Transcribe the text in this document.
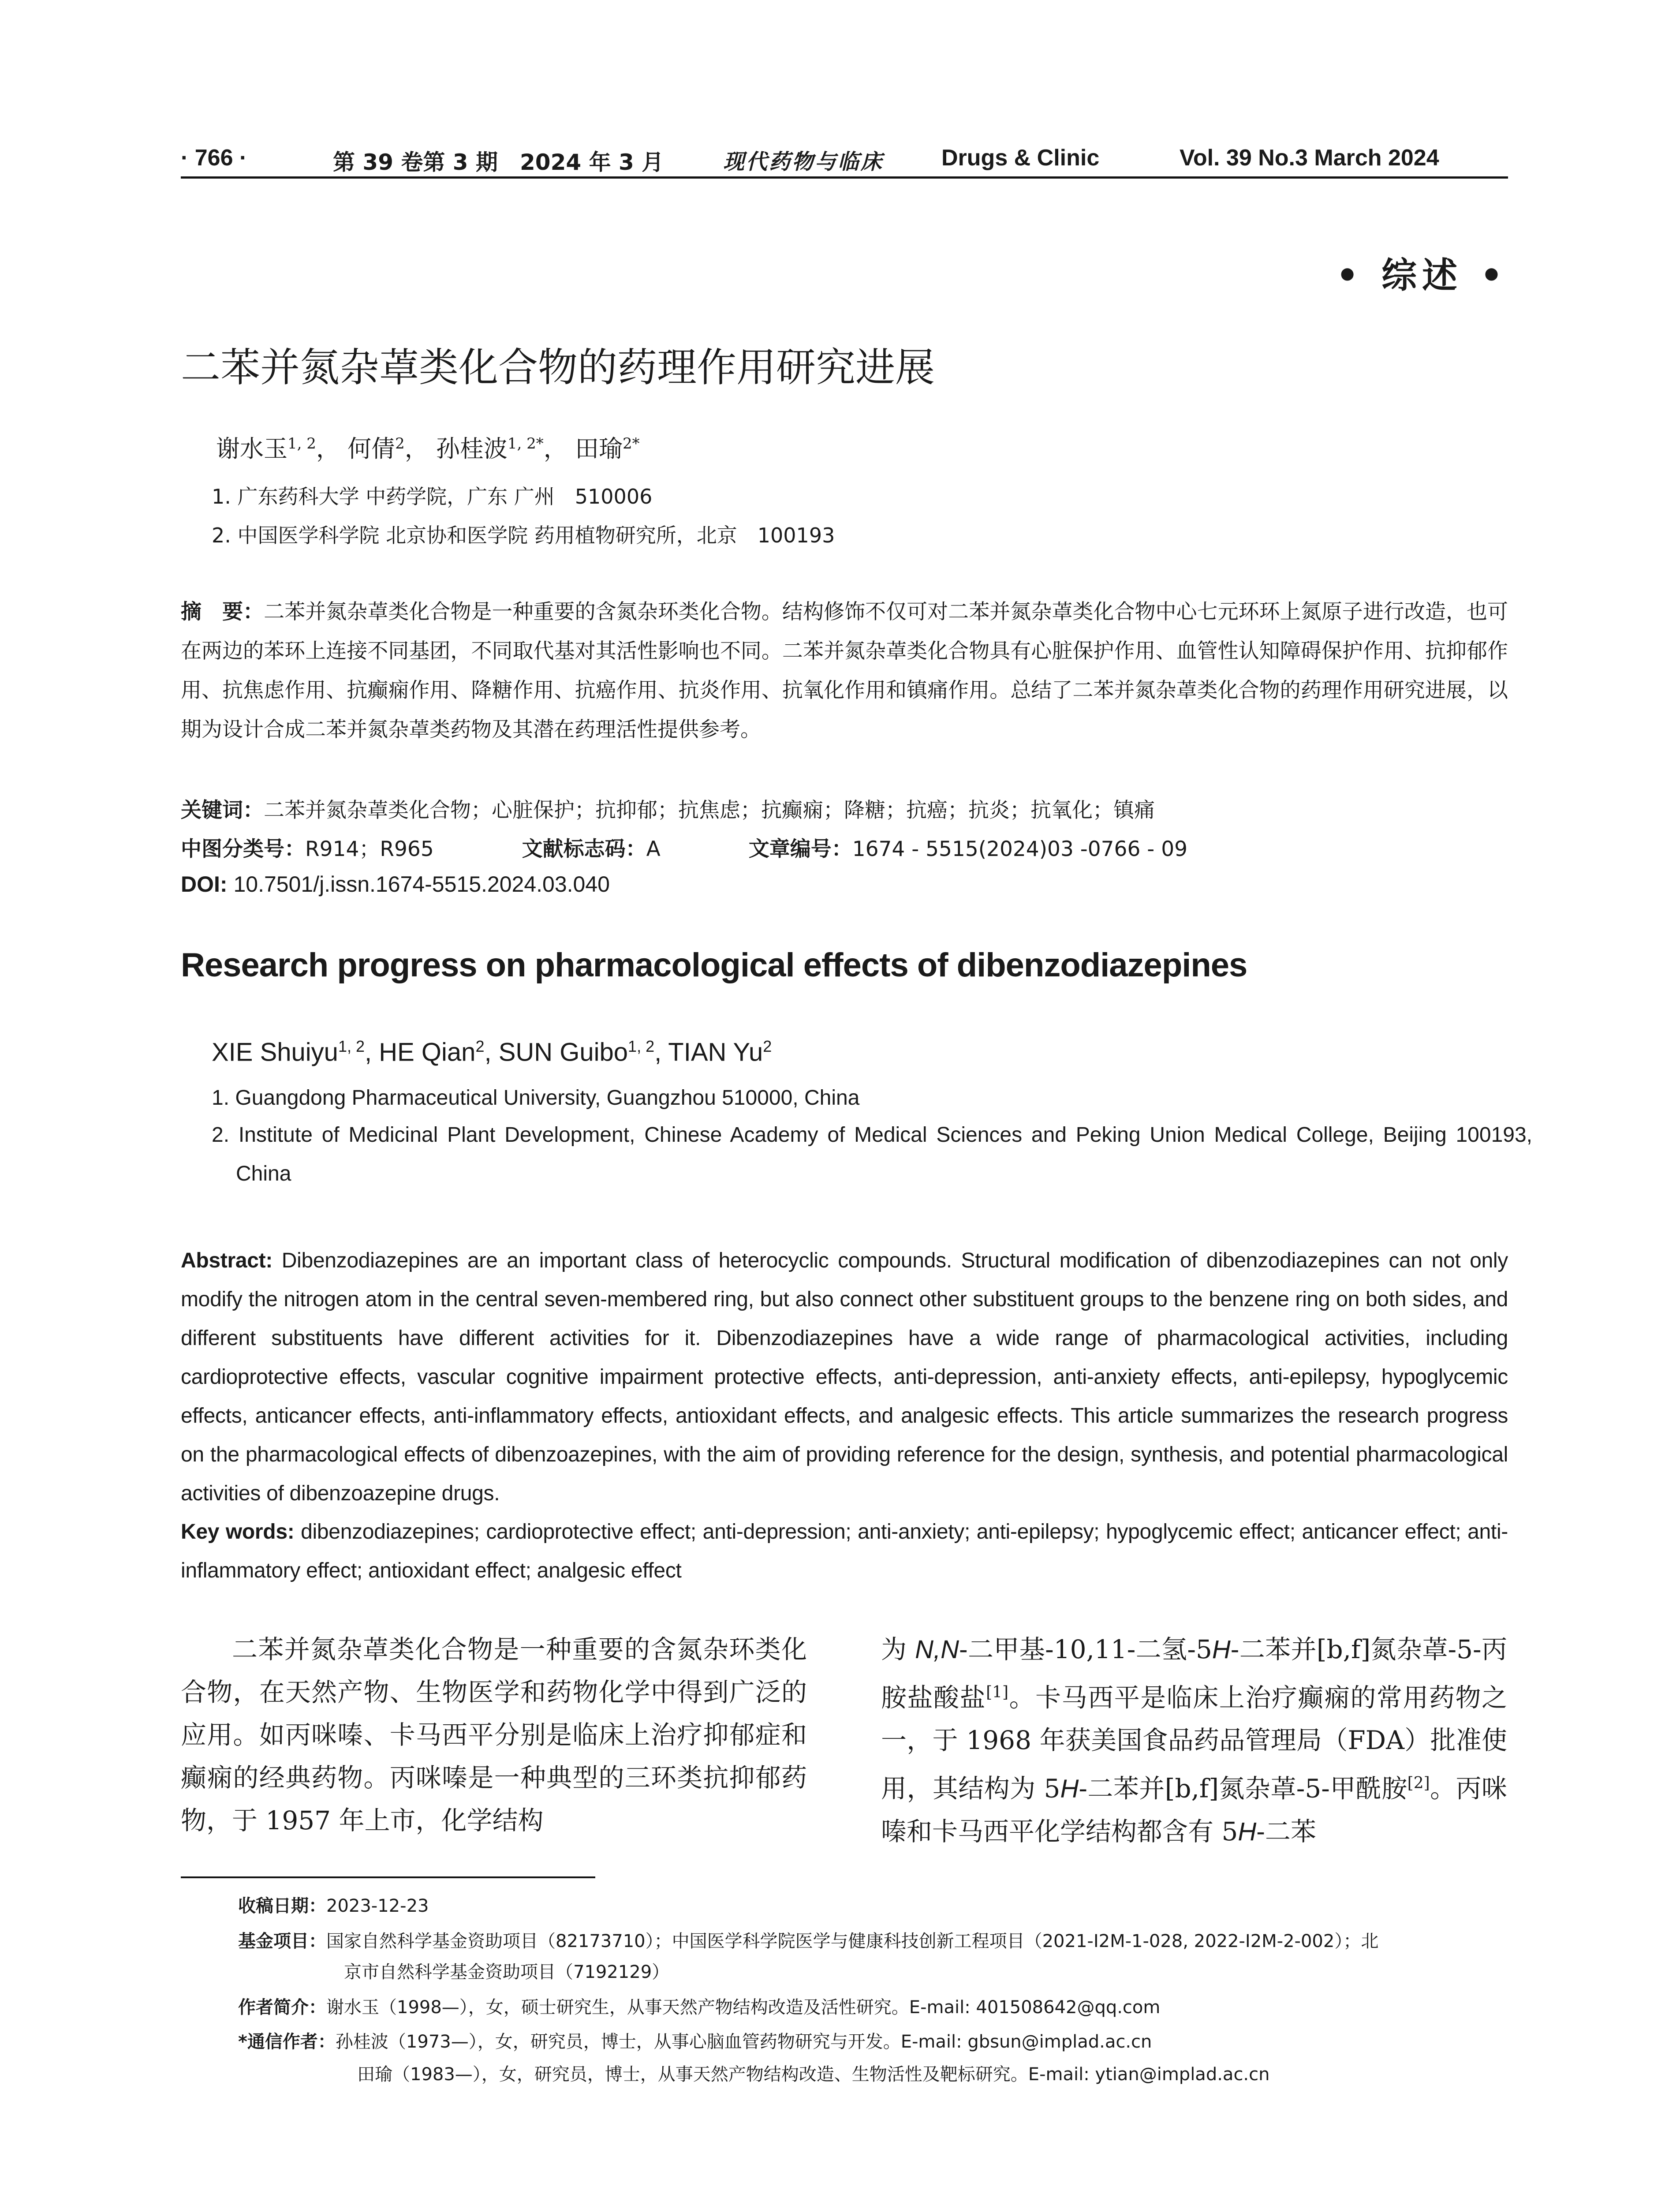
· 766 ·	第 39 卷第 3 期　2024 年 3 月	现代药物与临床	Drugs & Clinic	Vol. 39 No.3 March 2024
• 综述 •
二苯并氮杂䓬类化合物的药理作用研究进展
谢水玉$^{1, 2}$， 何倩$^2$， 孙桂波$^{1, 2*}$， 田瑜$^{2*}$
1. 广东药科大学 中药学院，广东 广州　510006
2. 中国医学科学院 北京协和医学院 药用植物研究所，北京　100193
摘　要：二苯并氮杂䓬类化合物是一种重要的含氮杂环类化合物。结构修饰不仅可对二苯并氮杂䓬类化合物中心七元环环上氮原子进行改造，也可在两边的苯环上连接不同基团，不同取代基对其活性影响也不同。二苯并氮杂䓬类化合物具有心脏保护作用、血管性认知障碍保护作用、抗抑郁作用、抗焦虑作用、抗癫痫作用、降糖作用、抗癌作用、抗炎作用、抗氧化作用和镇痛作用。总结了二苯并氮杂䓬类化合物的药理作用研究进展，以期为设计合成二苯并氮杂䓬类药物及其潜在药理活性提供参考。
关键词：二苯并氮杂䓬类化合物；心脏保护；抗抑郁；抗焦虑；抗癫痫；降糖；抗癌；抗炎；抗氧化；镇痛
中图分类号：R914；R965	文献标志码：A	文章编号：1674 - 5515(2024)03 -0766 - 09
DOI: 10.7501/j.issn.1674-5515.2024.03.040
Research progress on pharmacological effects of dibenzodiazepines
XIE Shuiyu$^{1, 2}$, HE Qian$^2$, SUN Guibo$^{1, 2}$, TIAN Yu$^2$
1. Guangdong Pharmaceutical University, Guangzhou 510000, China
2. Institute of Medicinal Plant Development, Chinese Academy of Medical Sciences and Peking Union Medical College, Beijing 100193, China
Abstract: Dibenzodiazepines are an important class of heterocyclic compounds. Structural modification of dibenzodiazepines can not only modify the nitrogen atom in the central seven-membered ring, but also connect other substituent groups to the benzene ring on both sides, and different substituents have different activities for it. Dibenzodiazepines have a wide range of pharmacological activities, including cardioprotective effects, vascular cognitive impairment protective effects, anti-depression, anti-anxiety effects, anti-epilepsy, hypoglycemic effects, anticancer effects, anti-inflammatory effects, antioxidant effects, and analgesic effects. This article summarizes the research progress on the pharmacological effects of dibenzoazepines, with the aim of providing reference for the design, synthesis, and potential pharmacological activities of dibenzoazepine drugs.
Key words: dibenzodiazepines; cardioprotective effect; anti-depression; anti-anxiety; anti-epilepsy; hypoglycemic effect; anticancer effect; anti-inflammatory effect; antioxidant effect; analgesic effect
二苯并氮杂䓬类化合物是一种重要的含氮杂环类化合物，在天然产物、生物医学和药物化学中得到广泛的应用。如丙咪嗪、卡马西平分别是临床上治疗抑郁症和癫痫的经典药物。丙咪嗪是一种典型的三环类抗抑郁药物，于 1957 年上市，化学结构
为 N,N-二甲基-10,11-二氢-5H-二苯并[b,f]氮杂䓬-5-丙胺盐酸盐[1]。卡马西平是临床上治疗癫痫的常用药物之一，于 1968 年获美国食品药品管理局（FDA）批准使用，其结构为 5H-二苯并[b,f]氮杂䓬-5-甲酰胺[2]。丙咪嗪和卡马西平化学结构都含有 5H-二苯
收稿日期：2023-12-23
基金项目：国家自然科学基金资助项目（82173710）；中国医学科学院医学与健康科技创新工程项目（2021-I2M-1-028, 2022-I2M-2-002）；北
京市自然科学基金资助项目（7192129）
作者简介：谢水玉（1998—），女，硕士研究生，从事天然产物结构改造及活性研究。E-mail: 401508642@qq.com
*通信作者：孙桂波（1973—），女，研究员，博士，从事心脑血管药物研究与开发。E-mail: gbsun@implad.ac.cn
田瑜（1983—），女，研究员，博士，从事天然产物结构改造、生物活性及靶标研究。E-mail: ytian@implad.ac.cn
